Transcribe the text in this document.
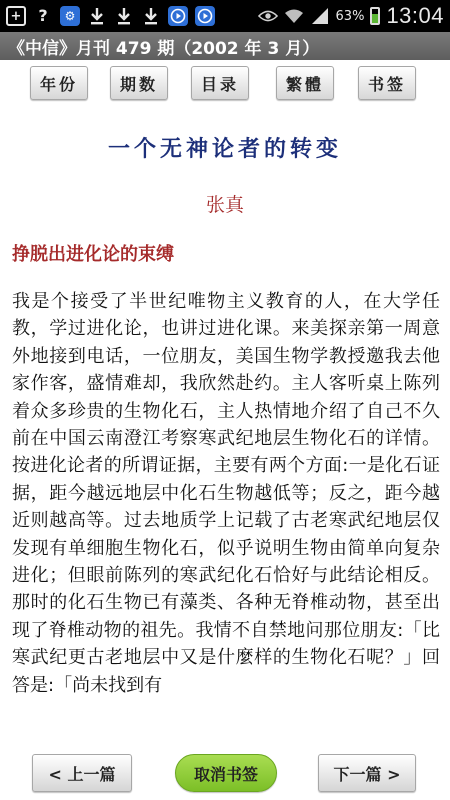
+	?	⚙	63% 13:04
《中信》月刊 479 期（2002 年 3 月）
年份	期数	目录	繁體	书签
一个无神论者的转变
张真
挣脱出进化论的束缚
我是个接受了半世纪唯物主义教育的人，在大学任教，学过进化论，也讲过进化课。来美探亲第一周意外地接到电话，一位朋友，美国生物学教授邀我去他家作客，盛情难却，我欣然赴约。主人客听桌上陈列着众多珍贵的生物化石，主人热情地介绍了自己不久前在中国云南澄江考察寒武纪地层生物化石的详情。按进化论者的所谓证据，主要有两个方面:一是化石证据，距今越远地层中化石生物越低等；反之，距今越近则越高等。过去地质学上记载了古老寒武纪地层仅发现有单细胞生物化石，似乎说明生物由简单向复杂进化；但眼前陈列的寒武纪化石恰好与此结论相反。那时的化石生物已有藻类、各种无脊椎动物，甚至出现了脊椎动物的祖先。我情不自禁地问那位朋友:「比寒武纪更古老地层中又是什麼样的生物化石呢？」回答是:「尚未找到有
< 上一篇	取消书签	下一篇 >
